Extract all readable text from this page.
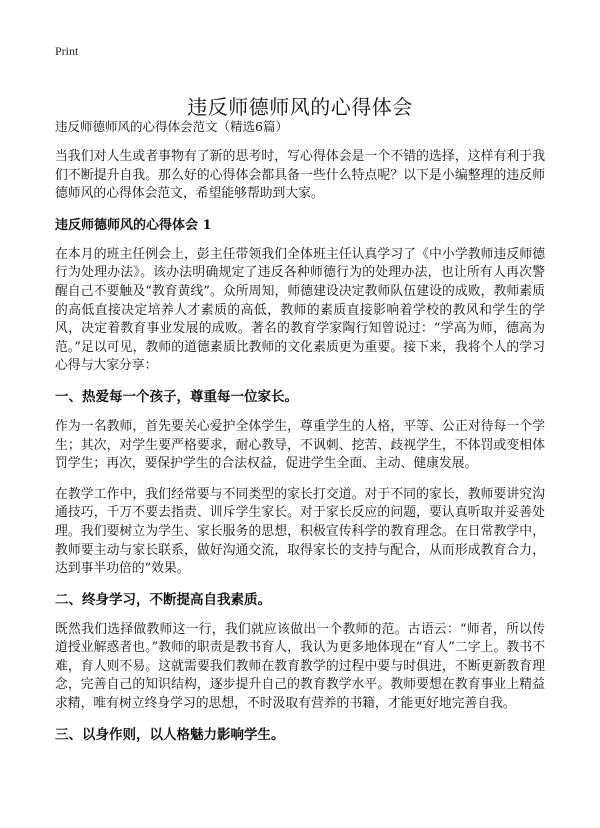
Print
违反师德师风的心得体会

违反师德师风的心得体会范文（精选6篇）

当我们对人生或者事物有了新的思考时，写心得体会是一个不错的选择，这样有利于我们不断提升自我。那么好的心得体会都具备一些什么特点呢？以下是小编整理的违反师德师风的心得体会范文，希望能够帮助到大家。

违反师德师风的心得体会 1

在本月的班主任例会上，彭主任带领我们全体班主任认真学习了《中小学教师违反师德行为处理办法》。该办法明确规定了违反各种师德行为的处理办法，也让所有人再次警醒自己不要触及“教育黄线”。众所周知，师德建设决定教师队伍建设的成败，教师素质的高低直接决定培养人才素质的高低，教师的素质直接影响着学校的教风和学生的学风，决定着教育事业发展的成败。著名的教育学家陶行知曾说过：“学高为师，德高为范。”足以可见，教师的道德素质比教师的文化素质更为重要。接下来，我将个人的学习心得与大家分享：

一、热爱每一个孩子，尊重每一位家长。

作为一名教师，首先要关心爱护全体学生，尊重学生的人格，平等、公正对待每一个学生；其次，对学生要严格要求，耐心教导，不讽刺、挖苦、歧视学生，不体罚或变相体罚学生；再次，要保护学生的合法权益，促进学生全面、主动、健康发展。

在教学工作中，我们经常要与不同类型的家长打交道。对于不同的家长，教师要讲究沟通技巧，千万不要去指责、训斥学生家长。对于家长反应的问题，要认真听取并妥善处理。我们要树立为学生、家长服务的思想，积极宣传科学的教育理念。在日常教学中，教师要主动与家长联系，做好沟通交流，取得家长的支持与配合，从而形成教育合力，达到事半功倍的“效果。

二、终身学习，不断提高自我素质。

既然我们选择做教师这一行，我们就应该做出一个教师的范。古语云：“师者，所以传道授业解惑者也。”教师的职责是教书育人，我认为更多地体现在“育人”二字上。教书不难，育人则不易。这就需要我们教师在教育教学的过程中要与时俱进，不断更新教育理念，完善自己的知识结构，逐步提升自己的教育教学水平。教师要想在教育事业上精益求精，唯有树立终身学习的思想，不时汲取有营养的书籍，才能更好地完善自我。

三、以身作则，以人格魅力影响学生。
